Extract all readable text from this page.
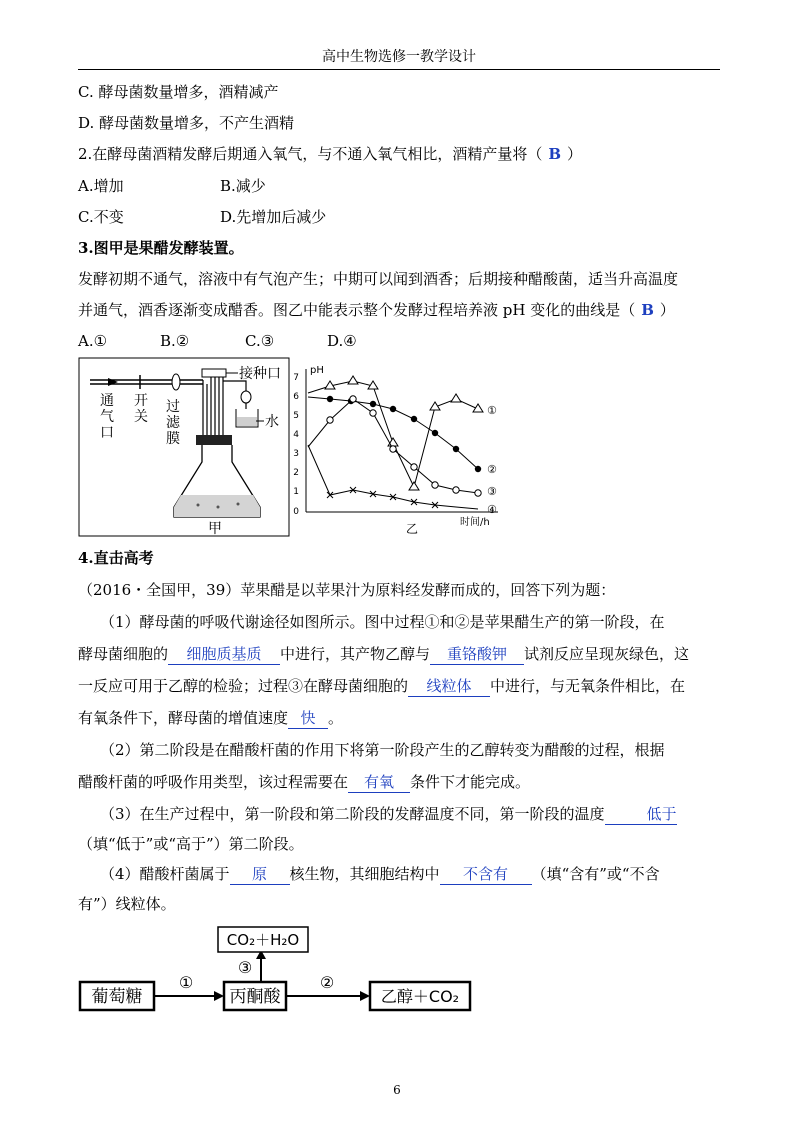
高中生物选修一教学设计
C. 酵母菌数量增多，酒精减产
D. 酵母菌数量增多，不产生酒精
2.在酵母菌酒精发酵后期通入氧气，与不通入氧气相比，酒精产量将（ B ）
A.增加	B.减少
C.不变	D.先增加后减少
3.图甲是果醋发酵装置。
发酵初期不通气，溶液中有气泡产生；中期可以闻到酒香；后期接种醋酸菌，适当升高温度
并通气，酒香逐渐变成醋香。图乙中能表示整个发酵过程培养液 pH 变化的曲线是（ B ）
A.①	B.②	C.③	D.④
通
气
口
开
关
过
滤
膜
接种口
水
甲
pH
7
6
5
4
3
2
1
0
时间/h
乙
①
②
③
④
4.直击高考
（2016・全国甲，39）苹果醋是以苹果汁为原料经发酵而成的，回答下列为题：
（1）酵母菌的呼吸代谢途径如图所示。图中过程①和②是苹果醋生产的第一阶段，在
酵母菌细胞的 细胞质基质 中进行，其产物乙醇与 重铬酸钾 试剂反应呈现灰绿色，这
一反应可用于乙醇的检验；过程③在酵母菌细胞的 线粒体 中进行，与无氧条件相比，在
有氧条件下，酵母菌的增值速度 快 。
（2）第二阶段是在醋酸杆菌的作用下将第一阶段产生的乙醇转变为醋酸的过程，根据
醋酸杆菌的呼吸作用类型，该过程需要在 有氧 条件下才能完成。
（3）在生产过程中，第一阶段和第二阶段的发酵温度不同，第一阶段的温度	低于
（填“低于”或“高于”）第二阶段。
（4）醋酸杆菌属于 原 核生物，其细胞结构中 不含有 （填“含有”或“不含
有”）线粒体。
葡萄糖
①
丙酮酸
②
乙醇＋CO₂
③
CO₂＋H₂O
6
